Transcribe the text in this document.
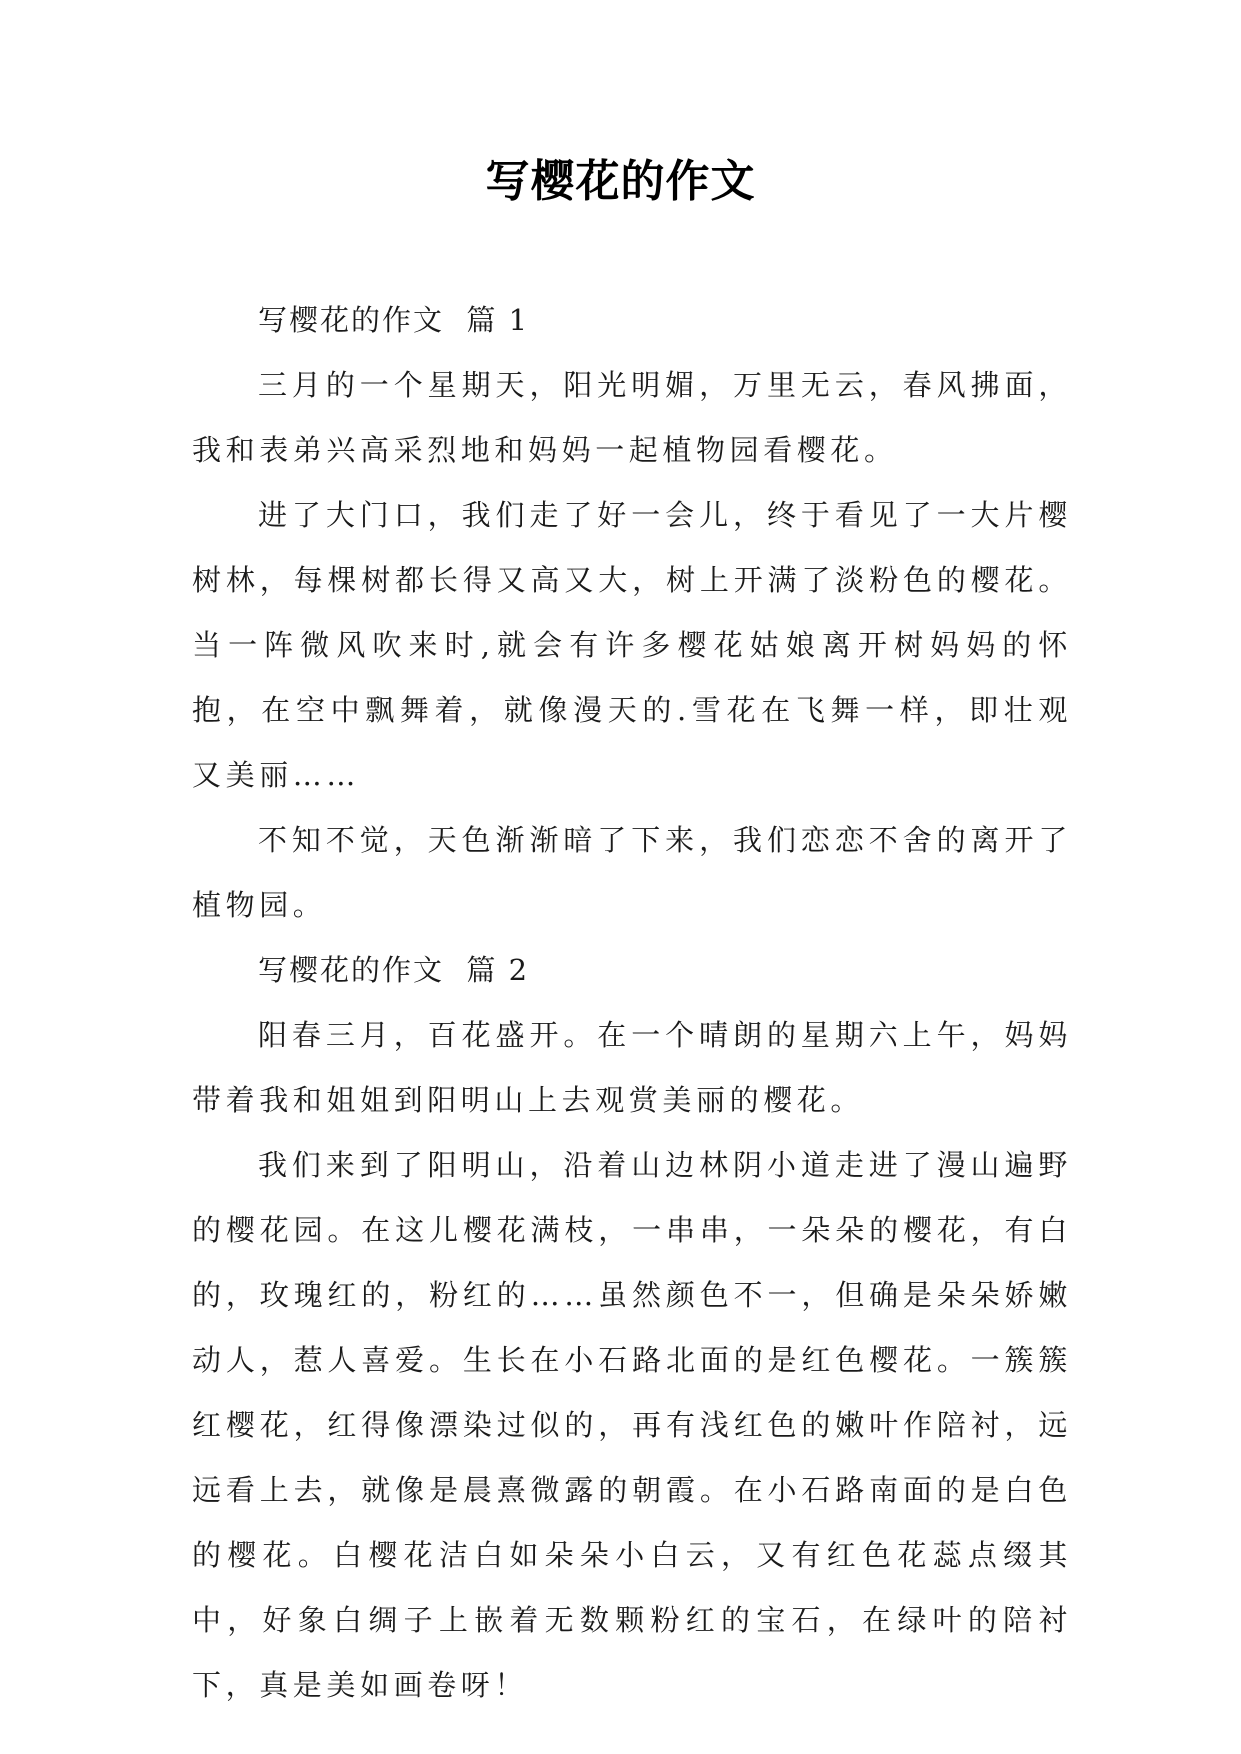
写樱花的作文

写樱花的作文  篇 1

三月的一个星期天，阳光明媚，万里无云，春风拂面，我和表弟兴高采烈地和妈妈一起植物园看樱花。

进了大门口，我们走了好一会儿，终于看见了一大片樱树林，每棵树都长得又高又大，树上开满了淡粉色的樱花。当一阵微风吹来时,就会有许多樱花姑娘离开树妈妈的怀抱，在空中飘舞着，就像漫天的.雪花在飞舞一样，即壮观又美丽……

不知不觉，天色渐渐暗了下来，我们恋恋不舍的离开了植物园。

写樱花的作文  篇 2

阳春三月，百花盛开。在一个晴朗的星期六上午，妈妈带着我和姐姐到阳明山上去观赏美丽的樱花。

我们来到了阳明山，沿着山边林阴小道走进了漫山遍野的樱花园。在这儿樱花满枝，一串串，一朵朵的樱花，有白的，玫瑰红的，粉红的……虽然颜色不一，但确是朵朵娇嫩动人，惹人喜爱。生长在小石路北面的是红色樱花。一簇簇红樱花，红得像漂染过似的，再有浅红色的嫩叶作陪衬，远远看上去，就像是晨熹微露的朝霞。在小石路南面的是白色的樱花。白樱花洁白如朵朵小白云，又有红色花蕊点缀其中，好象白绸子上嵌着无数颗粉红的宝石，在绿叶的陪衬下，真是美如画卷呀！
